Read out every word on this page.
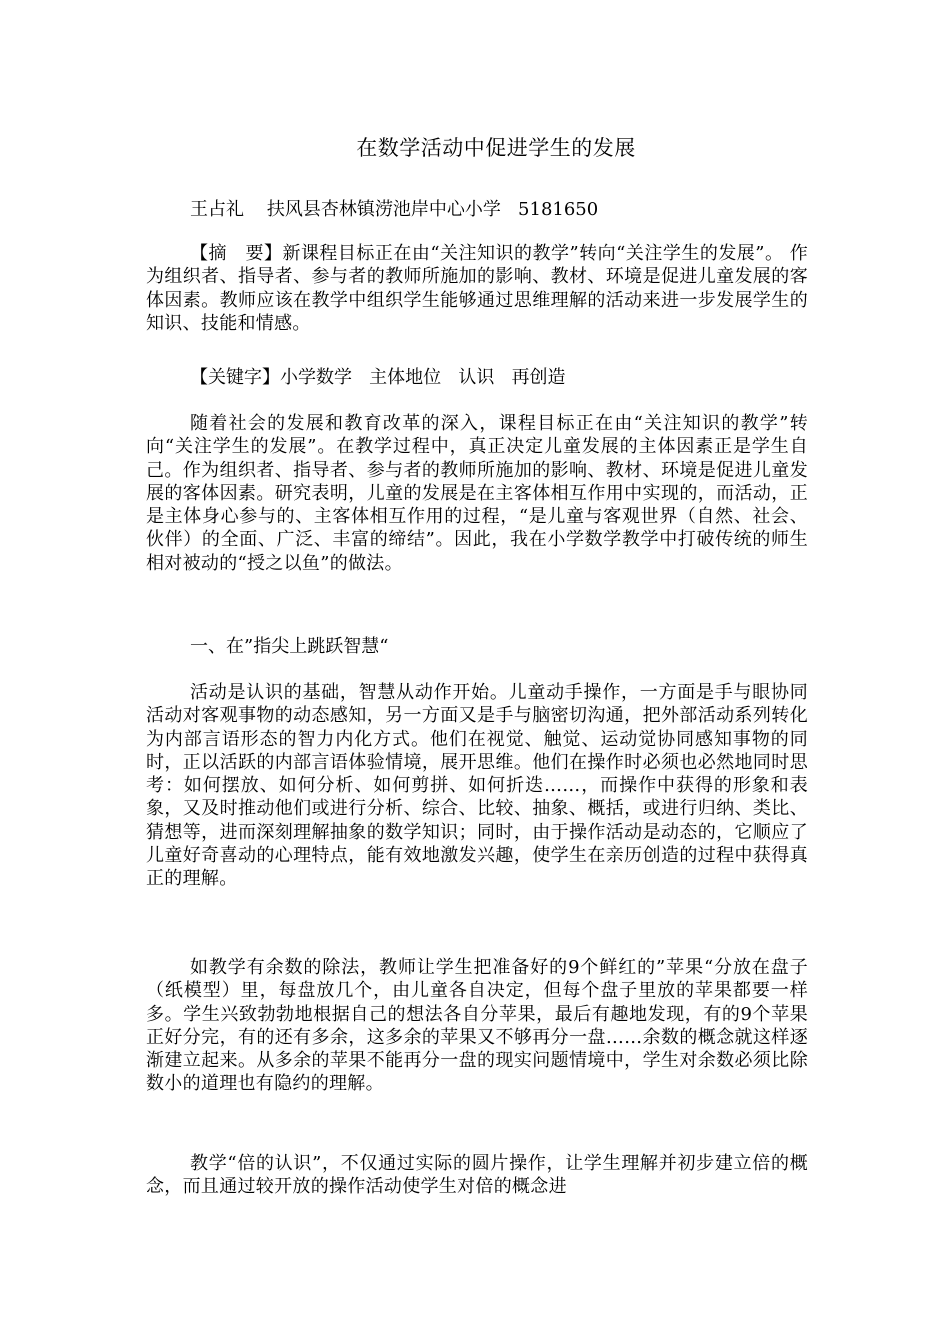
在数学活动中促进学生的发展
王占礼    扶风县杏林镇涝池岸中心小学   5181650

【摘　要】新课程目标正在由“关注知识的教学”转向“关注学生的发展”。 作为组织者、指导者、参与者的教师所施加的影响、教材、环境是促进儿童发展的客体因素。教师应该在教学中组织学生能够通过思维理解的活动来进一步发展学生的知识、技能和情感。

【关键字】小学数学   主体地位   认识   再创造

随着社会的发展和教育改革的深入，课程目标正在由“关注知识的教学”转向“关注学生的发展”。在教学过程中，真正决定儿童发展的主体因素正是学生自己。作为组织者、指导者、参与者的教师所施加的影响、教材、环境是促进儿童发展的客体因素。研究表明，儿童的发展是在主客体相互作用中实现的，而活动，正是主体身心参与的、主客体相互作用的过程，“是儿童与客观世界（自然、社会、伙伴）的全面、广泛、丰富的缔结”。因此，我在小学数学教学中打破传统的师生相对被动的“授之以鱼”的做法。

一、在”指尖上跳跃智慧“

活动是认识的基础，智慧从动作开始。儿童动手操作，一方面是手与眼协同活动对客观事物的动态感知，另一方面又是手与脑密切沟通，把外部活动系列转化为内部言语形态的智力内化方式。他们在视觉、触觉、运动觉协同感知事物的同时，正以活跃的内部言语体验情境，展开思维。他们在操作时必须也必然地同时思考：如何摆放、如何分析、如何剪拼、如何折迭……，而操作中获得的形象和表象，又及时推动他们或进行分析、综合、比较、抽象、概括，或进行归纳、类比、猜想等，进而深刻理解抽象的数学知识；同时，由于操作活动是动态的，它顺应了儿童好奇喜动的心理特点，能有效地激发兴趣，使学生在亲历创造的过程中获得真正的理解。

如教学有余数的除法，教师让学生把准备好的9个鲜红的”苹果“分放在盘子（纸模型）里，每盘放几个，由儿童各自决定，但每个盘子里放的苹果都要一样多。学生兴致勃勃地根据自己的想法各自分苹果，最后有趣地发现，有的9个苹果正好分完，有的还有多余，这多余的苹果又不够再分一盘……余数的概念就这样逐渐建立起来。从多余的苹果不能再分一盘的现实问题情境中，学生对余数必须比除数小的道理也有隐约的理解。

教学“倍的认识”，不仅通过实际的圆片操作，让学生理解并初步建立倍的概念，而且通过较开放的操作活动使学生对倍的概念进
